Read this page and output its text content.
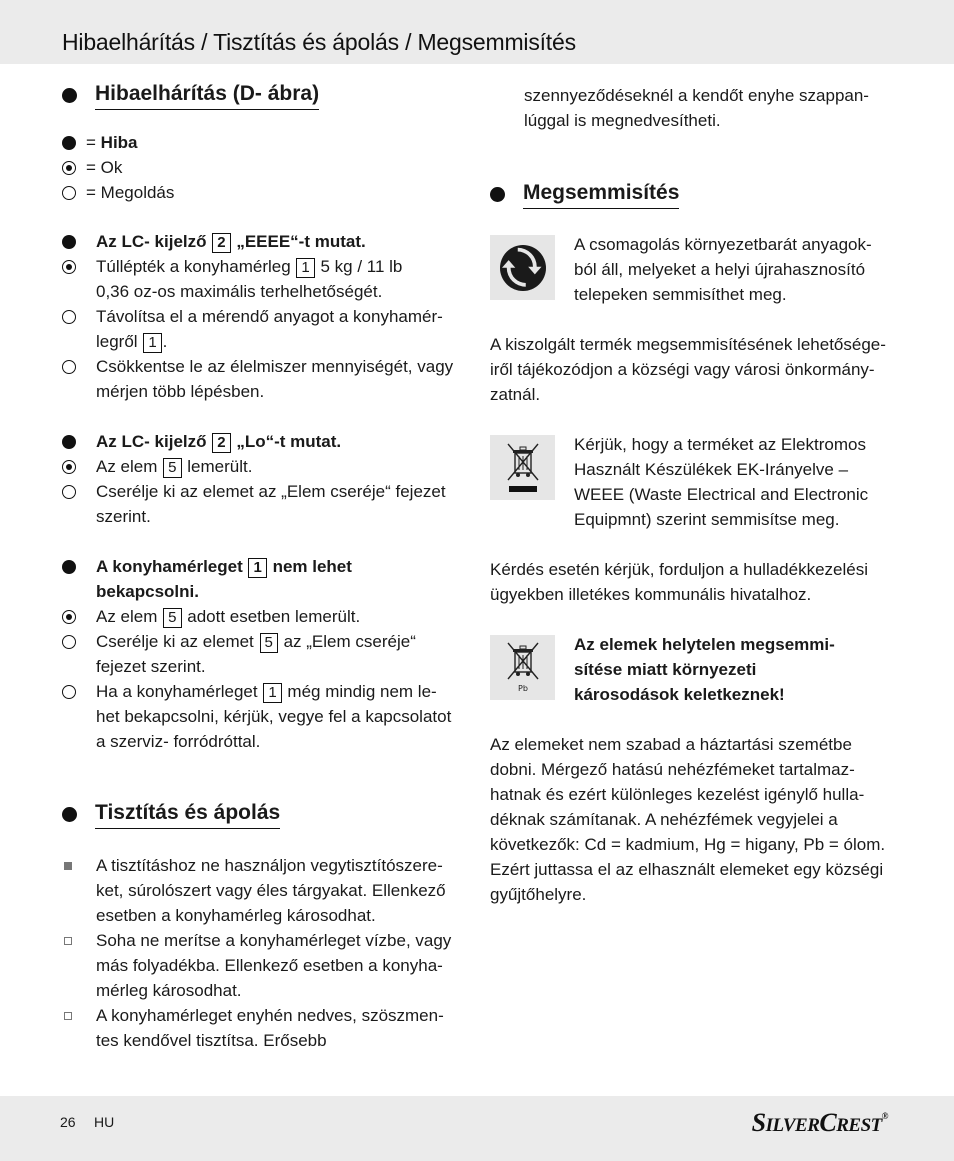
Hibaelhárítás / Tisztítás és ápolás / Megsemmisítés
Hibaelhárítás (D- ábra)
=
Hiba
=
Ok
=
Megoldás
Az LC- kijelző 2 „EEEE“-t mutat.
Túllépték a konyhamérleg 1 5 kg / 11 lb
0,36 oz-os maximális terhelhetőségét.
Távolítsa el a mérendő anyagot a konyhamér-
legről 1 .
Csökkentse le az élelmiszer mennyiségét, vagy
mérjen több lépésben.
Az LC- kijelző 2 „Lo“-t mutat.
Az elem 5 lemerült.
Cserélje ki az elemet az „Elem cseréje“ fejezet
szerint.
A konyhamérleget 1 nem lehet
bekapcsolni.
Az elem 5 adott esetben lemerült.
Cserélje ki az elemet 5 az „Elem cseréje“
fejezet szerint.
Ha a konyhamérleget 1 még mindig nem le-
het bekapcsolni, kérjük, vegye fel a kapcsolatot
a szerviz- forródróttal.
Tisztítás és ápolás
A tisztításhoz ne használjon vegytisztítószere-
ket, súrolószert vagy éles tárgyakat. Ellenkező
esetben a konyhamérleg károsodhat.
Soha ne merítse a konyhamérleget vízbe, vagy
más folyadékba. Ellenkező esetben a konyha-
mérleg károsodhat.
A konyhamérleget enyhén nedves, szöszmen-
tes kendővel tisztítsa. Erősebb
szennyeződéseknél a kendőt enyhe szappan-
lúggal is megnedvesítheti.
Megsemmisítés
A csomagolás környezetbarát anyagok-
ból áll, melyeket a helyi újrahasznosító
telepeken semmisíthet meg.
A kiszolgált termék megsemmisítésének lehetősége-
iről tájékozódjon a községi vagy városi önkormány-
zatnál.
Kérjük, hogy a terméket az Elektromos
Használt Készülékek EK-Irányelve –
WEEE (Waste Electrical and Electronic
Equipmnt) szerint semmisítse meg.
Kérdés esetén kérjük, forduljon a hulladékkezelési
ügyekben illetékes kommunális hivatalhoz.
Pb
Az elemek helytelen megsemmi-
sítése miatt környezeti
károsodások keletkeznek!
Az elemeket nem szabad a háztartási szemétbe
dobni. Mérgező hatású nehézfémeket tartalmaz-
hatnak és ezért különleges kezelést igénylő hulla-
déknak számítanak. A nehézfémek vegyjelei a
következők: Cd = kadmium, Hg = higany, Pb = ólom.
Ezért juttassa el az elhasznált elemeket egy községi
gyűjtőhelyre.
26 HU	SILVERCREST®
